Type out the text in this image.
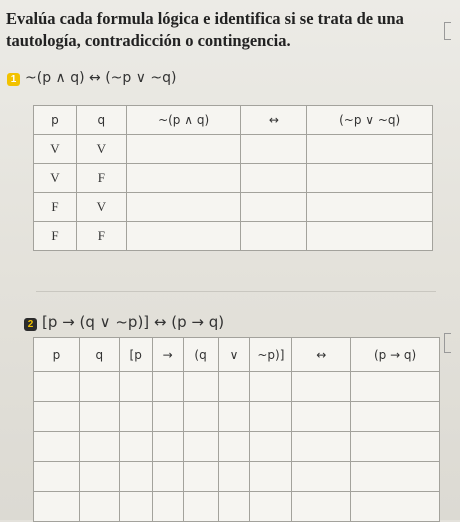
Evalúa cada formula lógica e identifica si se trata de una tautología, contradicción o contingencia.
1 ~(p ∧ q) ↔ (~p ∨ ~q)
p	q	~(p ∧ q)	↔	(~p ∨ ~q)
V	V			
V	F			
F	V			
F	F			
2 [p → (q ∨ ~p)] ↔ (p → q)
p	q	[p	→	(q	∨	~p)]	↔	(p → q)
